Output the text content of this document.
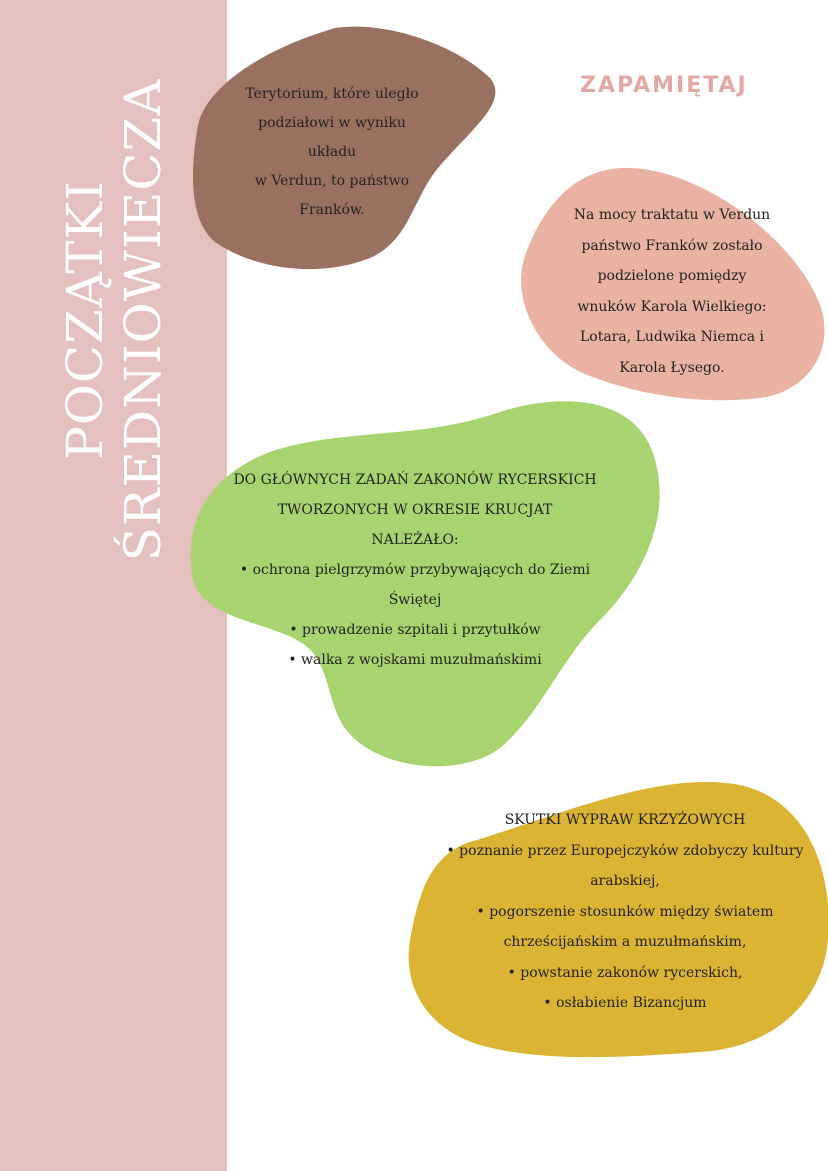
POCZĄTKI ŚREDNIOWIECZA	ZAPAMIĘTAJ
Terytorium, które uległo
podziałowi w wyniku układu
w Verdun, to państwo
Franków.	Na mocy traktatu w Verdun
państwo Franków zostało
podzielone pomiędzy
wnuków Karola Wielkiego:
Lotara, Ludwika Niemca i
Karola Łysego.
DO GŁÓWNYCH ZADAŃ ZAKONÓW RYCERSKICH
TWORZONYCH W OKRESIE KRUCJAT
NALEŻAŁO:
• ochrona pielgrzymów przybywających do Ziemi
Świętej
• prowadzenie szpitali i przytułków
• walka z wojskami muzułmańskimi
SKUTKI WYPRAW KRZYŻOWYCH
• poznanie przez Europejczyków zdobyczy kultury
arabskiej,
• pogorszenie stosunków między światem
chrześcijańskim a muzułmańskim,
• powstanie zakonów rycerskich,
• osłabienie Bizancjum
